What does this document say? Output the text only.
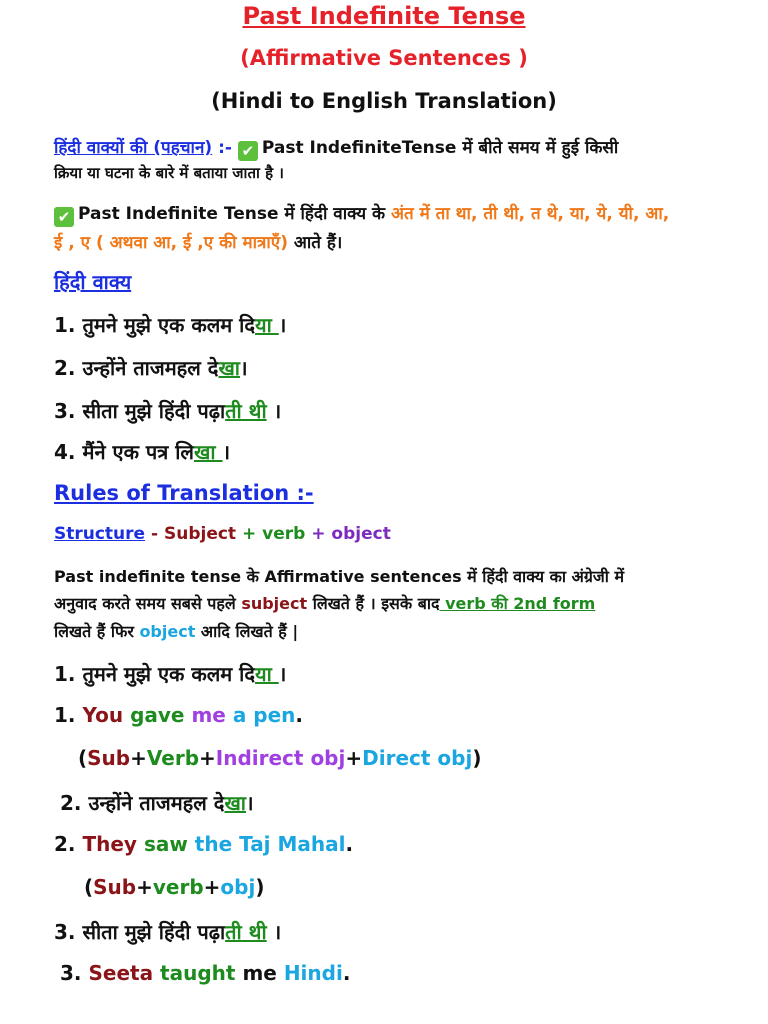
Past Indefinite Tense
(Affirmative Sentences )
(Hindi to English Translation)
हिंदी वाक्यों की (पहचान) :- ✔ Past IndefiniteTense में बीते समय में हुई किसी
क्रिया या घटना के बारे में बताया जाता है ।
✔ Past Indefinite Tense में हिंदी वाक्य के अंत में ता था, ती थी, त थे, या, ये, यी, आ,
ई , ए ( अथवा आ, ई ,ए की मात्राएँ) आते हैं।
हिंदी वाक्य
1. तुमने मुझे एक कलम दिया ।
2. उन्होंने ताजमहल देखा।
3. सीता मुझे हिंदी पढ़ाती थी ।
4. मैंने एक पत्र लिखा ।
Rules of Translation :-
Structure - Subject + verb + object
Past indefinite tense के Affirmative sentences में हिंदी वाक्य का अंग्रेजी में
अनुवाद करते समय सबसे पहले subject लिखते हैं । इसके बाद verb की 2nd form
लिखते हैं फिर object आदि लिखते हैं |
1. तुमने मुझे एक कलम दिया ।
1. You gave me a pen.
(Sub+Verb+Indirect obj+Direct obj)
2. उन्होंने ताजमहल देखा।
2. They saw the Taj Mahal.
(Sub+verb+obj)
3. सीता मुझे हिंदी पढ़ाती थी ।
3. Seeta taught me Hindi.
